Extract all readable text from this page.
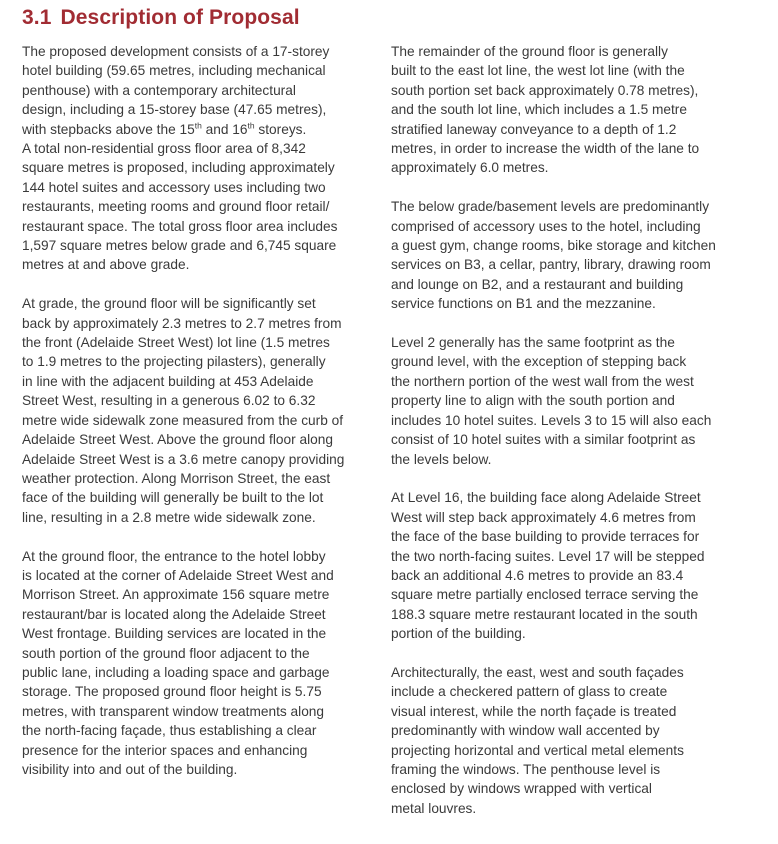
3.1 Description of Proposal

The proposed development consists of a 17-storey
hotel building (59.65 metres, including mechanical
penthouse) with a contemporary architectural
design, including a 15-storey base (47.65 metres),
with stepbacks above the 15th and 16th storeys.

A total non-residential gross floor area of 8,342
square metres is proposed, including approximately
144 hotel suites and accessory uses including two
restaurants, meeting rooms and ground floor retail/
restaurant space. The total gross floor area includes
1,597 square metres below grade and 6,745 square
metres at and above grade.

At grade, the ground floor will be significantly set
back by approximately 2.3 metres to 2.7 metres from
the front (Adelaide Street West) lot line (1.5 metres
to 1.9 metres to the projecting pilasters), generally
in line with the adjacent building at 453 Adelaide
Street West, resulting in a generous 6.02 to 6.32
metre wide sidewalk zone measured from the curb of
Adelaide Street West. Above the ground floor along
Adelaide Street West is a 3.6 metre canopy providing
weather protection. Along Morrison Street, the east
face of the building will generally be built to the lot
line, resulting in a 2.8 metre wide sidewalk zone.

At the ground floor, the entrance to the hotel lobby
is located at the corner of Adelaide Street West and
Morrison Street. An approximate 156 square metre
restaurant/bar is located along the Adelaide Street
West frontage. Building services are located in the
south portion of the ground floor adjacent to the
public lane, including a loading space and garbage
storage. The proposed ground floor height is 5.75
metres, with transparent window treatments along
the north-facing façade, thus establishing a clear
presence for the interior spaces and enhancing
visibility into and out of the building.

The remainder of the ground floor is generally
built to the east lot line, the west lot line (with the
south portion set back approximately 0.78 metres),
and the south lot line, which includes a 1.5 metre
stratified laneway conveyance to a depth of 1.2
metres, in order to increase the width of the lane to
approximately 6.0 metres.

The below grade/basement levels are predominantly
comprised of accessory uses to the hotel, including
a guest gym, change rooms, bike storage and kitchen
services on B3, a cellar, pantry, library, drawing room
and lounge on B2, and a restaurant and building
service functions on B1 and the mezzanine.

Level 2 generally has the same footprint as the
ground level, with the exception of stepping back
the northern portion of the west wall from the west
property line to align with the south portion and
includes 10 hotel suites. Levels 3 to 15 will also each
consist of 10 hotel suites with a similar footprint as
the levels below.

At Level 16, the building face along Adelaide Street
West will step back approximately 4.6 metres from
the face of the base building to provide terraces for
the two north-facing suites. Level 17 will be stepped
back an additional 4.6 metres to provide an 83.4
square metre partially enclosed terrace serving the
188.3 square metre restaurant located in the south
portion of the building.

Architecturally, the east, west and south façades
include a checkered pattern of glass to create
visual interest, while the north façade is treated
predominantly with window wall accented by
projecting horizontal and vertical metal elements
framing the windows. The penthouse level is
enclosed by windows wrapped with vertical
metal louvres.
